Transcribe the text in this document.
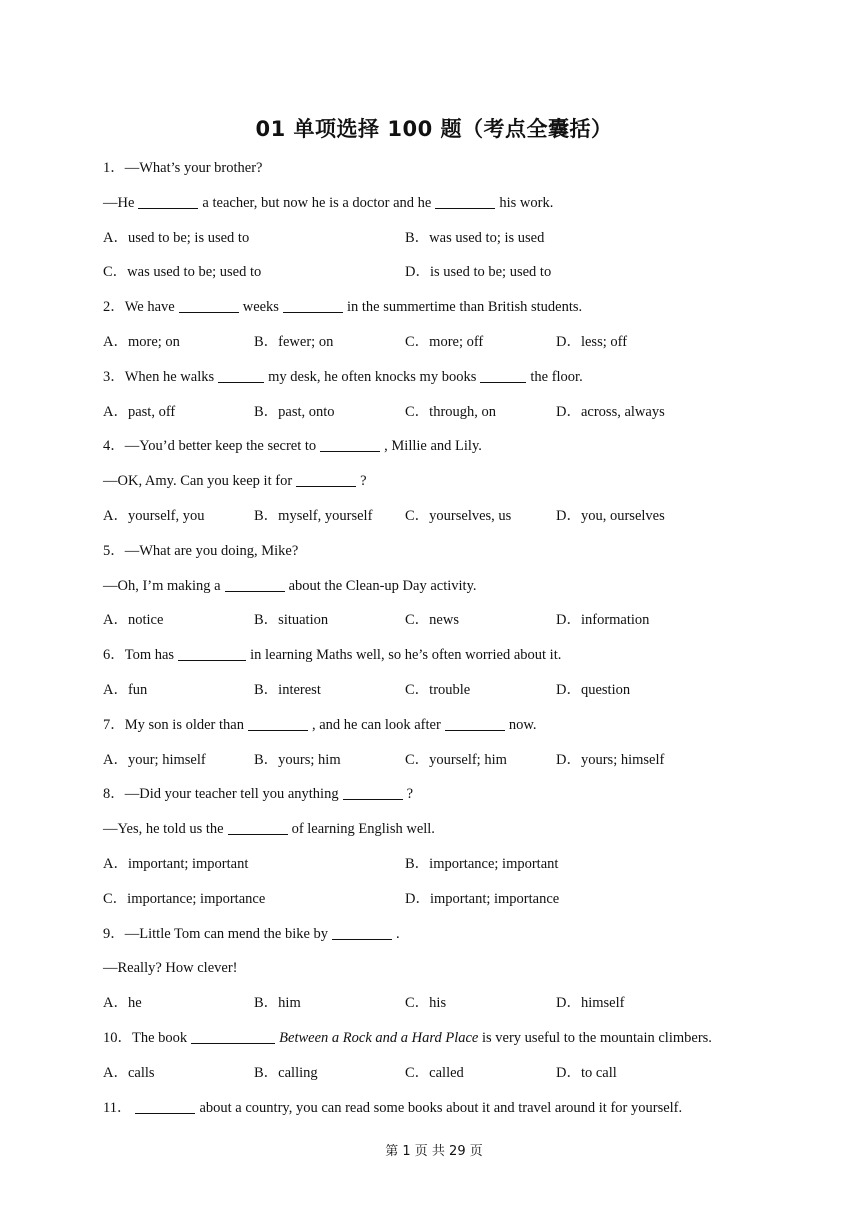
01 单项选择 100 题（考点全囊括）
1．—What’s your brother?
—He	a teacher, but now he is a doctor and he	his work.
A．used to be; is used to	B．was used to; is used
C．was used to be; used to	D．is used to be; used to
2．We have	weeks	in the summertime than British students.
A．more; on	B．fewer; on	C．more; off	D．less; off
3．When he walks	my desk, he often knocks my books	the floor.
A．past, off	B．past, onto	C．through, on	D．across, always
4．—You’d better keep the secret to	, Millie and Lily.
—OK, Amy. Can you keep it for	?
A．yourself, you	B．myself, yourself	C．yourselves, us	D．you, ourselves
5．—What are you doing, Mike?
—Oh, I’m making a	about the Clean-up Day activity.
A．notice	B．situation	C．news	D．information
6．Tom has	in learning Maths well, so he’s often worried about it.
A．fun	B．interest	C．trouble	D．question
7．My son is older than	, and he can look after	now.
A．your; himself	B．yours; him	C．yourself; him	D．yours; himself
8．—Did your teacher tell you anything	?
—Yes, he told us the	of learning English well.
A．important; important	B．importance; important
C．importance; importance	D．important; importance
9．—Little Tom can mend the bike by	.
—Really? How clever!
A．he	B．him	C．his	D．himself
10．The book	Between a Rock and a Hard Place is very useful to the mountain climbers.
A．calls	B．calling	C．called	D．to call
11．	about a country, you can read some books about it and travel around it for yourself.
第 1 页 共 29 页
